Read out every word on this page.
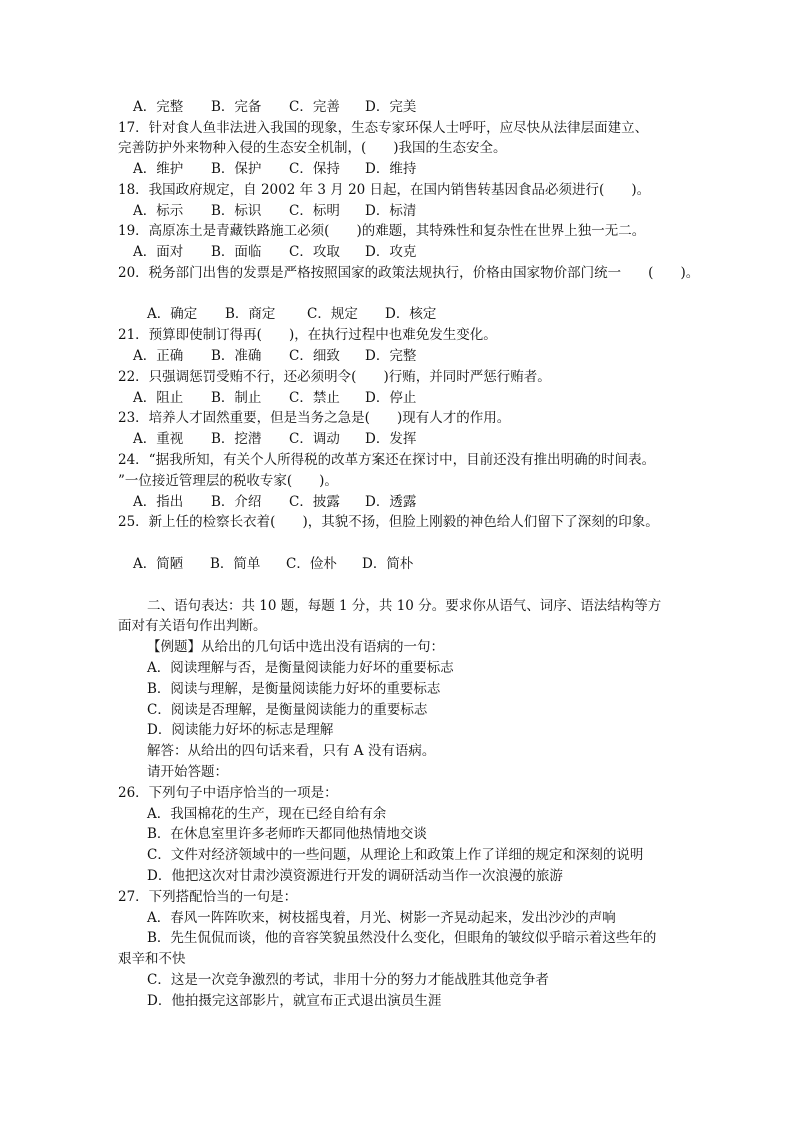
A．完整 B．完备 C．完善 D．完美
17．针对食人鱼非法进入我国的现象，生态专家环保人士呼吁，应尽快从法律层面建立、
完善防护外来物种入侵的生态安全机制，(　　)我国的生态安全。
A．维护 B．保护 C．保持 D．维持
18．我国政府规定，自 2002 年 3 月 20 日起，在国内销售转基因食品必须进行(　　)。
A．标示 B．标识 C．标明 D．标清
19．高原冻土是青藏铁路施工必须(　　)的难题，其特殊性和复杂性在世界上独一无二。
A．面对 B．面临 C．攻取 D．攻克
20．税务部门出售的发票是严格按照国家的政策法规执行，价格由国家物价部门统一　　(　　)。
A．确定 B．商定 C．规定 D．核定
21．预算即使制订得再(　　)，在执行过程中也难免发生变化。
A．正确 B．准确 C．细致 D．完整
22．只强调惩罚受贿不行，还必须明令(　　)行贿，并同时严惩行贿者。
A．阻止 B．制止 C．禁止 D．停止
23．培养人才固然重要，但是当务之急是(　　)现有人才的作用。
A．重视 B．挖潜 C．调动 D．发挥
24．“据我所知，有关个人所得税的改革方案还在探讨中，目前还没有推出明确的时间表。
”一位接近管理层的税收专家(　　)。
A．指出 B．介绍 C．披露 D．透露
25．新上任的检察长衣着(　　)，其貌不扬，但脸上刚毅的神色给人们留下了深刻的印象。
A．简陋 B．简单 C．俭朴 D．简朴
二、语句表达：共 10 题，每题 1 分，共 10 分。要求你从语气、词序、语法结构等方
面对有关语句作出判断。
【例题】从给出的几句话中选出没有语病的一句：
A．阅读理解与否，是衡量阅读能力好坏的重要标志
B．阅读与理解，是衡量阅读能力好坏的重要标志
C．阅读是否理解，是衡量阅读能力的重要标志
D．阅读能力好坏的标志是理解
解答：从给出的四句话来看，只有 A 没有语病。
请开始答题：
26．下列句子中语序恰当的一项是：
A．我国棉花的生产，现在已经自给有余
B．在休息室里许多老师昨天都同他热情地交谈
C．文件对经济领域中的一些问题，从理论上和政策上作了详细的规定和深刻的说明
D．他把这次对甘肃沙漠资源进行开发的调研活动当作一次浪漫的旅游
27．下列搭配恰当的一句是：
A．春风一阵阵吹来，树枝摇曳着，月光、树影一齐晃动起来，发出沙沙的声响
B．先生侃侃而谈，他的音容笑貌虽然没什么变化，但眼角的皱纹似乎暗示着这些年的
艰辛和不快
C．这是一次竞争激烈的考试，非用十分的努力才能战胜其他竞争者
D．他拍摄完这部影片，就宣布正式退出演员生涯
